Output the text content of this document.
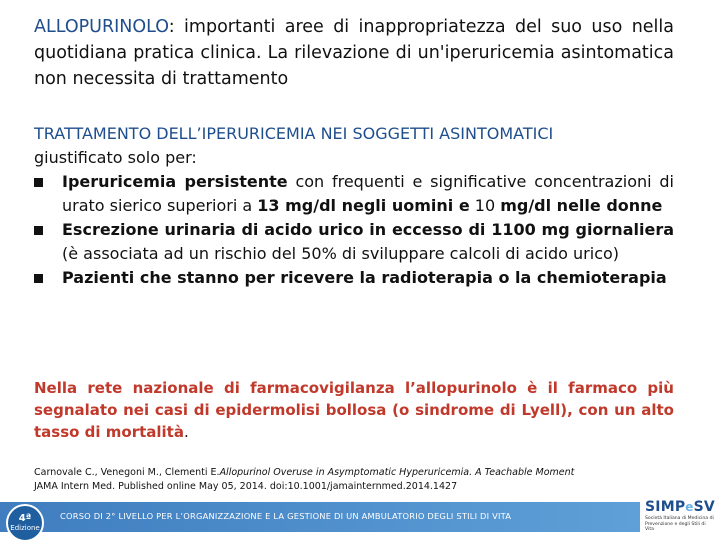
ALLOPURINOLO: importanti aree di inappropriatezza del suo uso nella quotidiana pratica clinica. La rilevazione di un'iperuricemia asintomatica non necessita di trattamento
TRATTAMENTO DELL’IPERURICEMIA NEI SOGGETTI ASINTOMATICI
giustificato solo per:
Iperuricemia persistente con frequenti e significative concentrazioni di urato sierico superiori a 13 mg/dl negli uomini e 10 mg/dl nelle donne
Escrezione urinaria di acido urico in eccesso di 1100 mg giornaliera (è associata ad un rischio del 50% di sviluppare calcoli di acido urico)
Pazienti che stanno per ricevere la radioterapia o la chemioterapia
Nella rete nazionale di farmacovigilanza l’allopurinolo è il farmaco più segnalato nei casi di epidermolisi bollosa (o sindrome di Lyell), con un alto tasso di mortalità.
Carnovale C., Venegoni M., Clementi E.Allopurinol Overuse in Asymptomatic Hyperuricemia. A Teachable Moment
JAMA Intern Med. Published online May 05, 2014. doi:10.1001/jamainternmed.2014.1427
4ª
Edizione
CORSO DI 2° LIVELLO PER L’ORGANIZZAZIONE E LA GESTIONE DI UN AMBULATORIO DEGLI STILI DI VITA
SIMPeSV
Società Italiana di Medicina di Prevenzione e degli Stili di Vita
